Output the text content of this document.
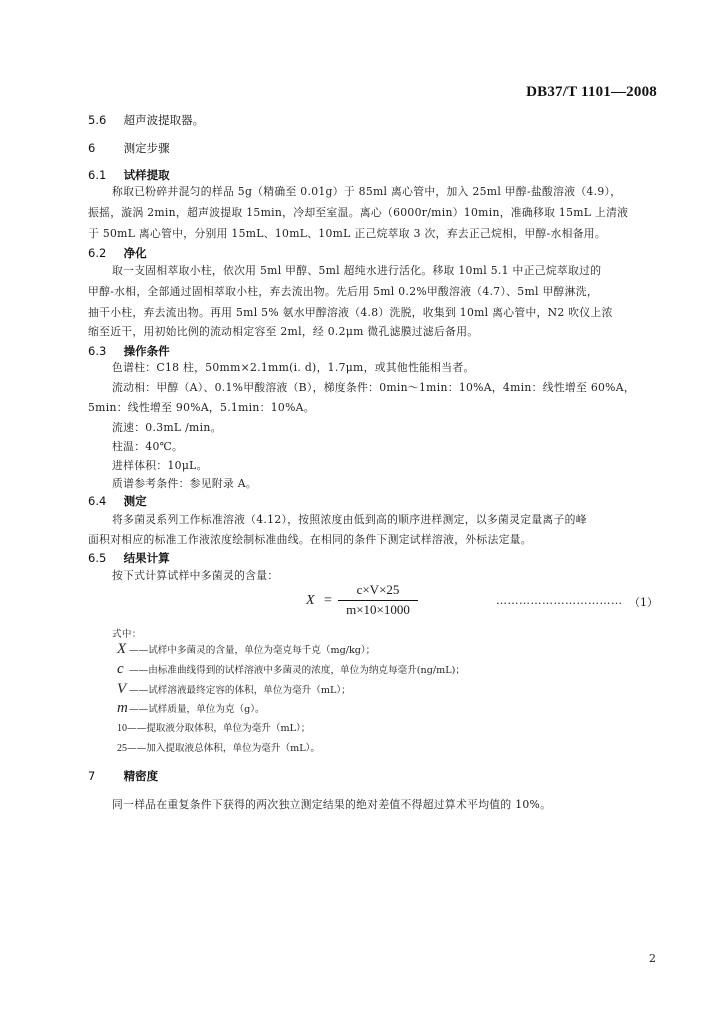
DB37/T 1101—2008
5.6 超声波提取器。
6 测定步骤
6.1 试样提取
称取已粉碎并混匀的样品 5g（精确至 0.01g）于 85ml 离心管中，加入 25ml 甲醇-盐酸溶液（4.9），
振摇，漩涡 2min，超声波提取 15min，冷却至室温。离心（6000r/min）10min，准确移取 15mL 上清液
于 50mL 离心管中，分别用 15mL、10mL、10mL 正己烷萃取 3 次，弃去正己烷相，甲醇-水相备用。
6.2 净化
取一支固相萃取小柱，依次用 5ml 甲醇、5ml 超纯水进行活化。移取 10ml 5.1 中正己烷萃取过的
甲醇-水相，全部通过固相萃取小柱，弃去流出物。先后用 5ml 0.2%甲酸溶液（4.7）、5ml 甲醇淋洗，
抽干小柱，弃去流出物。再用 5ml 5% 氨水甲醇溶液（4.8）洗脱，收集到 10ml 离心管中，N2 吹仪上浓
缩至近干，用初始比例的流动相定容至 2ml，经 0.2μm 微孔滤膜过滤后备用。
6.3 操作条件
色谱柱：C18 柱，50mm×2.1mm(i. d)，1.7μm，或其他性能相当者。
流动相：甲醇（A）、0.1%甲酸溶液（B），梯度条件：0min～1min：10%A，4min：线性增至 60%A，
5min：线性增至 90%A，5.1min：10%A。
流速：0.3mL /min。
柱温：40℃。
进样体积：10μL。
质谱参考条件：参见附录 A。
6.4 测定
将多菌灵系列工作标准溶液（4.12），按照浓度由低到高的顺序进样测定，以多菌灵定量离子的峰
面积对相应的标准工作液浓度绘制标准曲线。在相同的条件下测定试样溶液，外标法定量。
6.5 结果计算
按下式计算试样中多菌灵的含量：
X =
c×V×25
m×10×1000
…………………………… （1）
式中：
X ——试样中多菌灵的含量，单位为毫克每千克（mg/kg）；
c ——由标准曲线得到的试样溶液中多菌灵的浓度，单位为纳克每毫升(ng/mL)；
V ——试样溶液最终定容的体积，单位为毫升（mL）；
m——试样质量，单位为克（g）。
10——提取液分取体积，单位为毫升（mL）；
25——加入提取液总体积，单位为毫升（mL）。
7 精密度
同一样品在重复条件下获得的两次独立测定结果的绝对差值不得超过算术平均值的 10%。
2
